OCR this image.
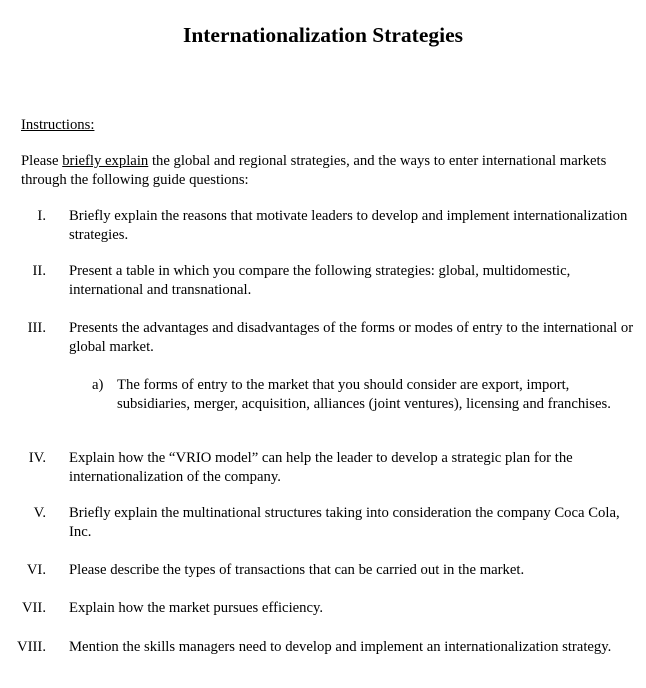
Internationalization Strategies
Instructions:
Please briefly explain the global and regional strategies, and the ways to enter international markets through the following guide questions:
I. Briefly explain the reasons that motivate leaders to develop and implement internationalization strategies.
II. Present a table in which you compare the following strategies: global, multidomestic, international and transnational.
III. Presents the advantages and disadvantages of the forms or modes of entry to the international or global market.
a) The forms of entry to the market that you should consider are export, import, subsidiaries, merger, acquisition, alliances (joint ventures), licensing and franchises.
IV. Explain how the “VRIO model” can help the leader to develop a strategic plan for the internationalization of the company.
V. Briefly explain the multinational structures taking into consideration the company Coca Cola, Inc.
VI. Please describe the types of transactions that can be carried out in the market.
VII. Explain how the market pursues efficiency.
VIII. Mention the skills managers need to develop and implement an internationalization strategy.
